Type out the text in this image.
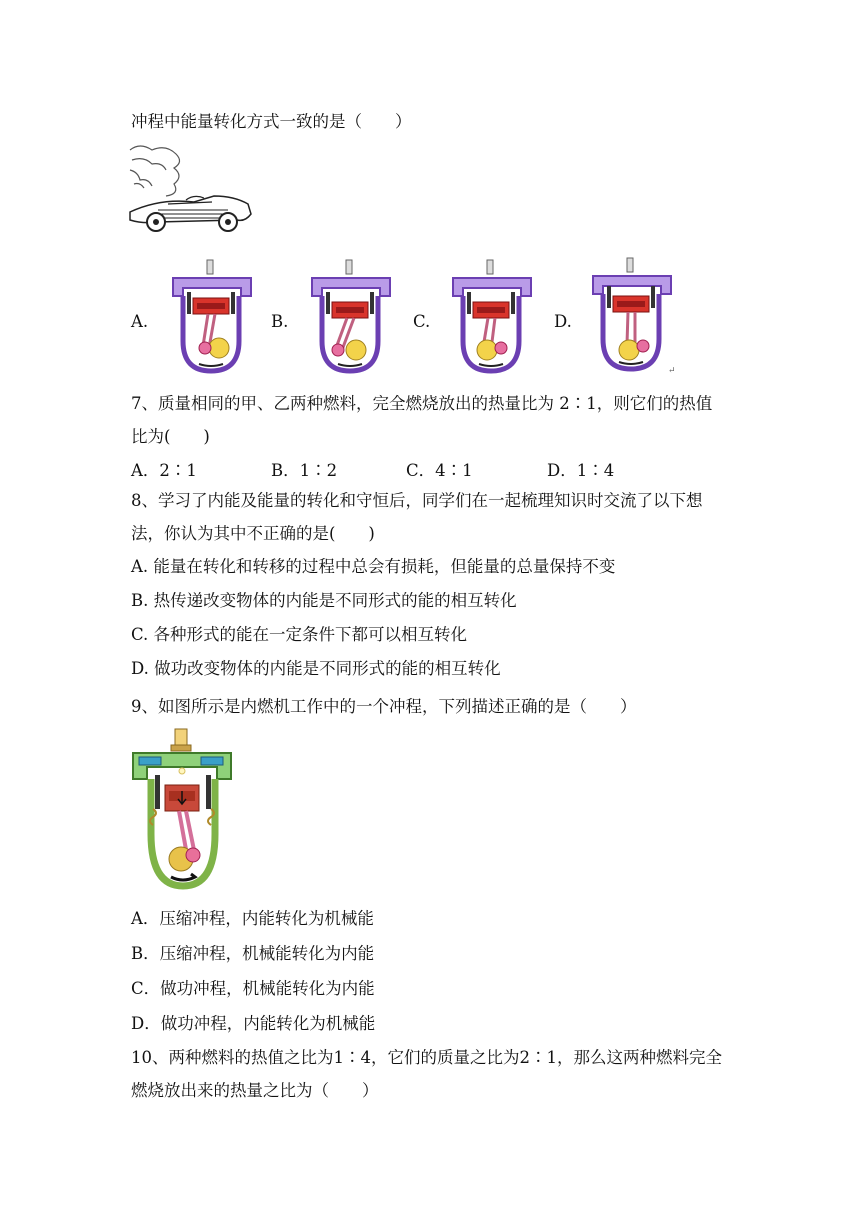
冲程中能量转化方式一致的是（　　）
A.	B.	C.	D.
↵
7、质量相同的甲、乙两种燃料，完全燃烧放出的热量比为 2∶1，则它们的热值
比为(　　)
A．2∶1	B．1∶2	C．4∶1	D．1∶4
8、学习了内能及能量的转化和守恒后，同学们在一起梳理知识时交流了以下想
法，你认为其中不正确的是(　　)
A. 能量在转化和转移的过程中总会有损耗，但能量的总量保持不变
B. 热传递改变物体的内能是不同形式的能的相互转化
C. 各种形式的能在一定条件下都可以相互转化
D. 做功改变物体的内能是不同形式的能的相互转化
9、如图所示是内燃机工作中的一个冲程，下列描述正确的是（　　）
A．压缩冲程，内能转化为机械能
B．压缩冲程，机械能转化为内能
C．做功冲程，机械能转化为内能
D．做功冲程，内能转化为机械能
10、两种燃料的热值之比为1∶4，它们的质量之比为2∶1，那么这两种燃料完全
燃烧放出来的热量之比为（　　）
